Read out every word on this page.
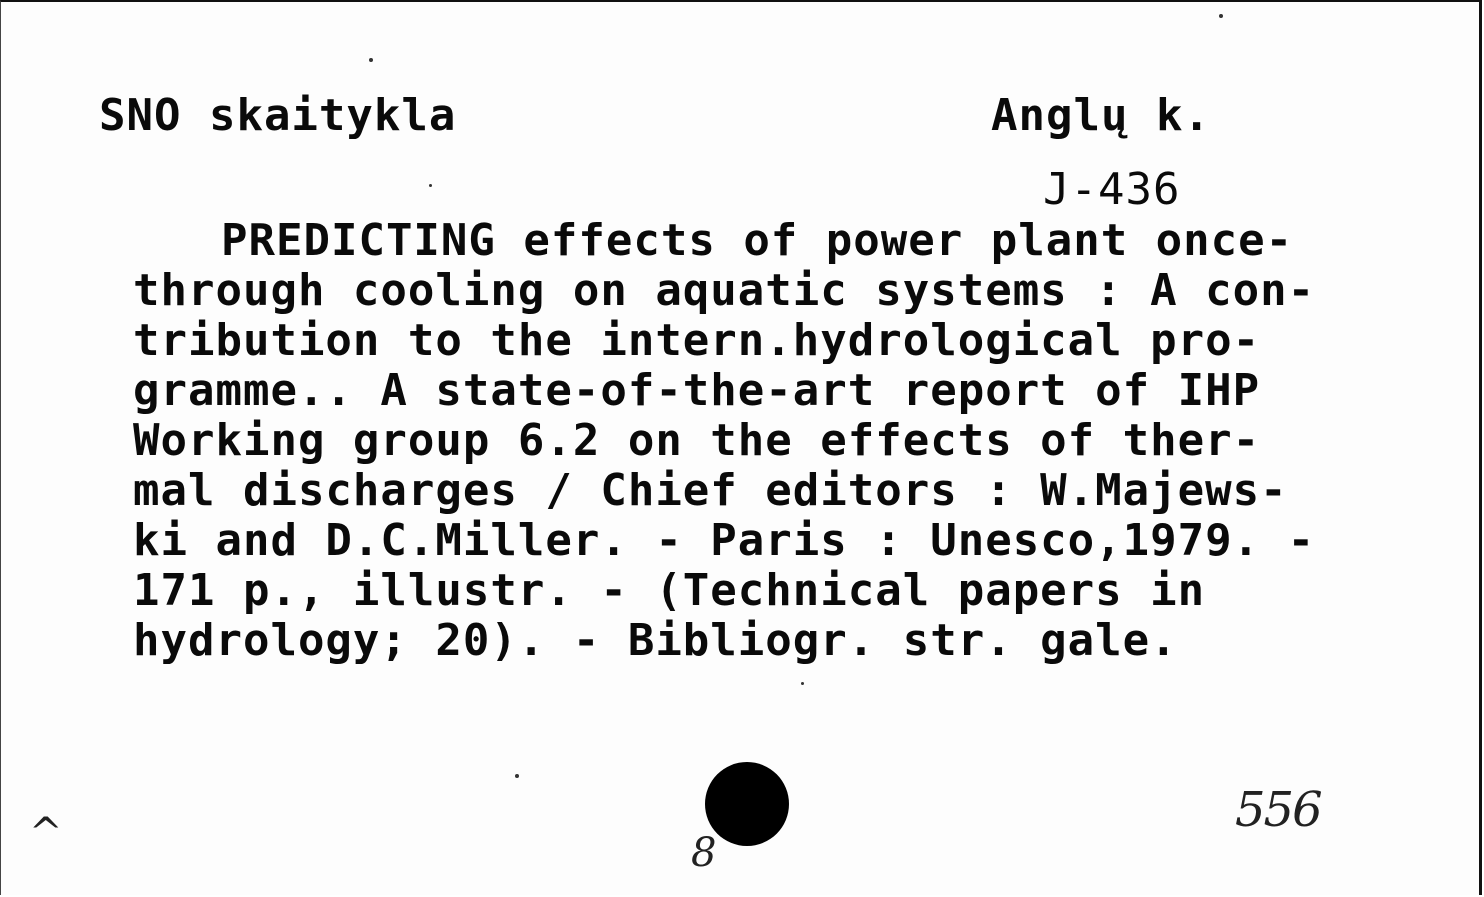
SNO skaitykla	Anglų k.
J-436
PREDICTING effects of power plant once-
through cooling on aquatic systems : A con-
tribution to the intern.hydrological pro-
gramme.. A state-of-the-art report of IHP
Working group 6.2 on the effects of ther-
mal discharges / Chief editors : W.Majews-
ki and D.C.Miller. - Paris : Unesco,1979. -
171 p., illustr. - (Technical papers in
hydrology; 20). - Bibliogr. str. gale.
556
^	8
